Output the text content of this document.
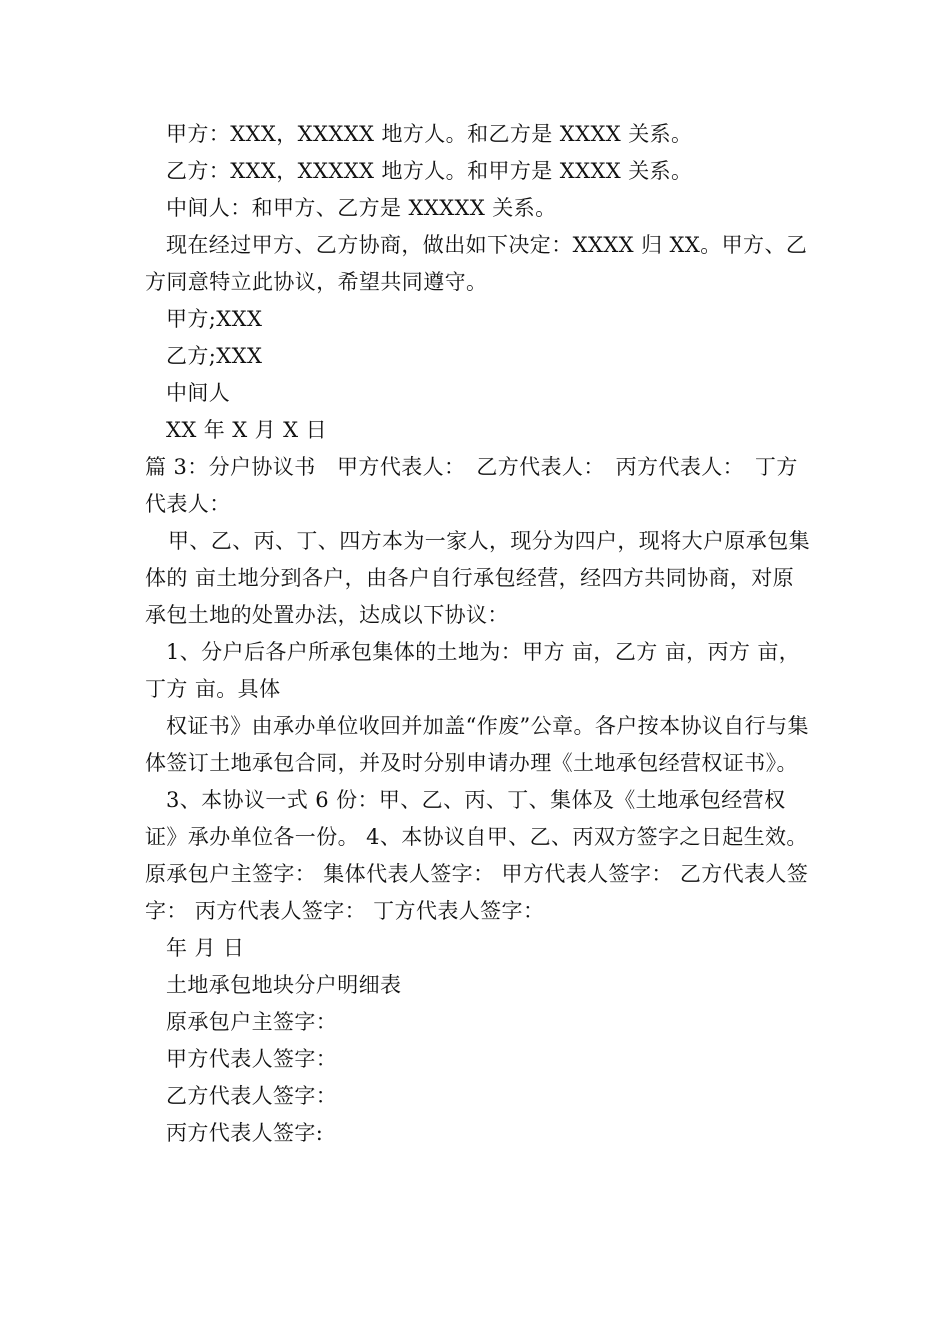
甲方：XXX，XXXXX 地方人。和乙方是 XXXX 关系。

乙方：XXX，XXXXX 地方人。和甲方是 XXXX 关系。

中间人：和甲方、乙方是 XXXXX 关系。

现在经过甲方、乙方协商，做出如下决定：XXXX 归 XX。甲方、乙方同意特立此协议，希望共同遵守。

甲方;XXX

乙方;XXX

中间人

XX 年 X 月 X 日

篇 3：分户协议书　甲方代表人：　乙方代表人：　丙方代表人：　丁方代表人：

甲、乙、丙、丁、四方本为一家人，现分为四户，现将大户原承包集体的 亩土地分到各户，由各户自行承包经营，经四方共同协商，对原承包土地的处置办法，达成以下协议：

1、分户后各户所承包集体的土地为：甲方 亩，乙方 亩，丙方 亩，丁方 亩。具体

权证书》由承办单位收回并加盖“作废”公章。各户按本协议自行与集体签订土地承包合同，并及时分别申请办理《土地承包经营权证书》。

3、本协议一式 6 份：甲、乙、丙、丁、集体及《土地承包经营权证》承办单位各一份。 4、本协议自甲、乙、丙双方签字之日起生效。 原承包户主签字： 集体代表人签字： 甲方代表人签字： 乙方代表人签字： 丙方代表人签字： 丁方代表人签字：

年 月 日

土地承包地块分户明细表

原承包户主签字：

甲方代表人签字：

乙方代表人签字：

丙方代表人签字:
